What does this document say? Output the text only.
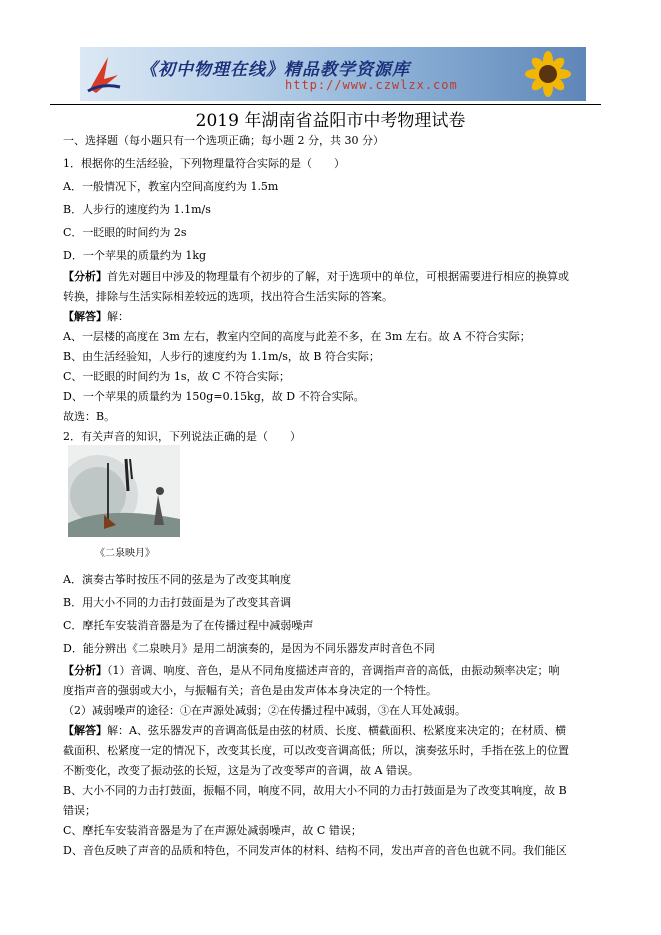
《初中物理在线》精品教学资源库
http://www.czwlzx.com
2019 年湖南省益阳市中考物理试卷
一、选择题（每小题只有一个选项正确；每小题 2 分，共 30 分）
1．根据你的生活经验，下列物理量符合实际的是（　　）
A．一般情况下，教室内空间高度约为 1.5m
B．人步行的速度约为 1.1m/s
C．一眨眼的时间约为 2s
D．一个苹果的质量约为 1kg
【分析】首先对题目中涉及的物理量有个初步的了解，对于选项中的单位，可根据需要进行相应的换算或
转换，排除与生活实际相差较远的选项，找出符合生活实际的答案。
【解答】解：
A、一层楼的高度在 3m 左右，教室内空间的高度与此差不多，在 3m 左右。故 A 不符合实际；
B、由生活经验知，人步行的速度约为 1.1m/s，故 B 符合实际；
C、一眨眼的时间约为 1s，故 C 不符合实际；
D、一个苹果的质量约为 150g=0.15kg，故 D 不符合实际。
故选：B。
2．有关声音的知识，下列说法正确的是（　　）
《二泉映月》
A．演奏古筝时按压不同的弦是为了改变其响度
B．用大小不同的力击打鼓面是为了改变其音调
C．摩托车安装消音器是为了在传播过程中减弱噪声
D．能分辨出《二泉映月》是用二胡演奏的，是因为不同乐器发声时音色不同
【分析】（1）音调、响度、音色，是从不同角度描述声音的，音调指声音的高低，由振动频率决定；响
度指声音的强弱或大小，与振幅有关；音色是由发声体本身决定的一个特性。
（2）减弱噪声的途径：①在声源处减弱；②在传播过程中减弱，③在人耳处减弱。
【解答】解：A、弦乐器发声的音调高低是由弦的材质、长度、横截面积、松紧度来决定的；在材质、横
截面积、松紧度一定的情况下，改变其长度，可以改变音调高低；所以，演奏弦乐时，手指在弦上的位置
不断变化，改变了振动弦的长短，这是为了改变琴声的音调，故 A 错误。
B、大小不同的力击打鼓面，振幅不同，响度不同，故用大小不同的力击打鼓面是为了改变其响度，故 B
错误；
C、摩托车安装消音器是为了在声源处减弱噪声，故 C 错误；
D、音色反映了声音的品质和特色，不同发声体的材料、结构不同，发出声音的音色也就不同。我们能区
